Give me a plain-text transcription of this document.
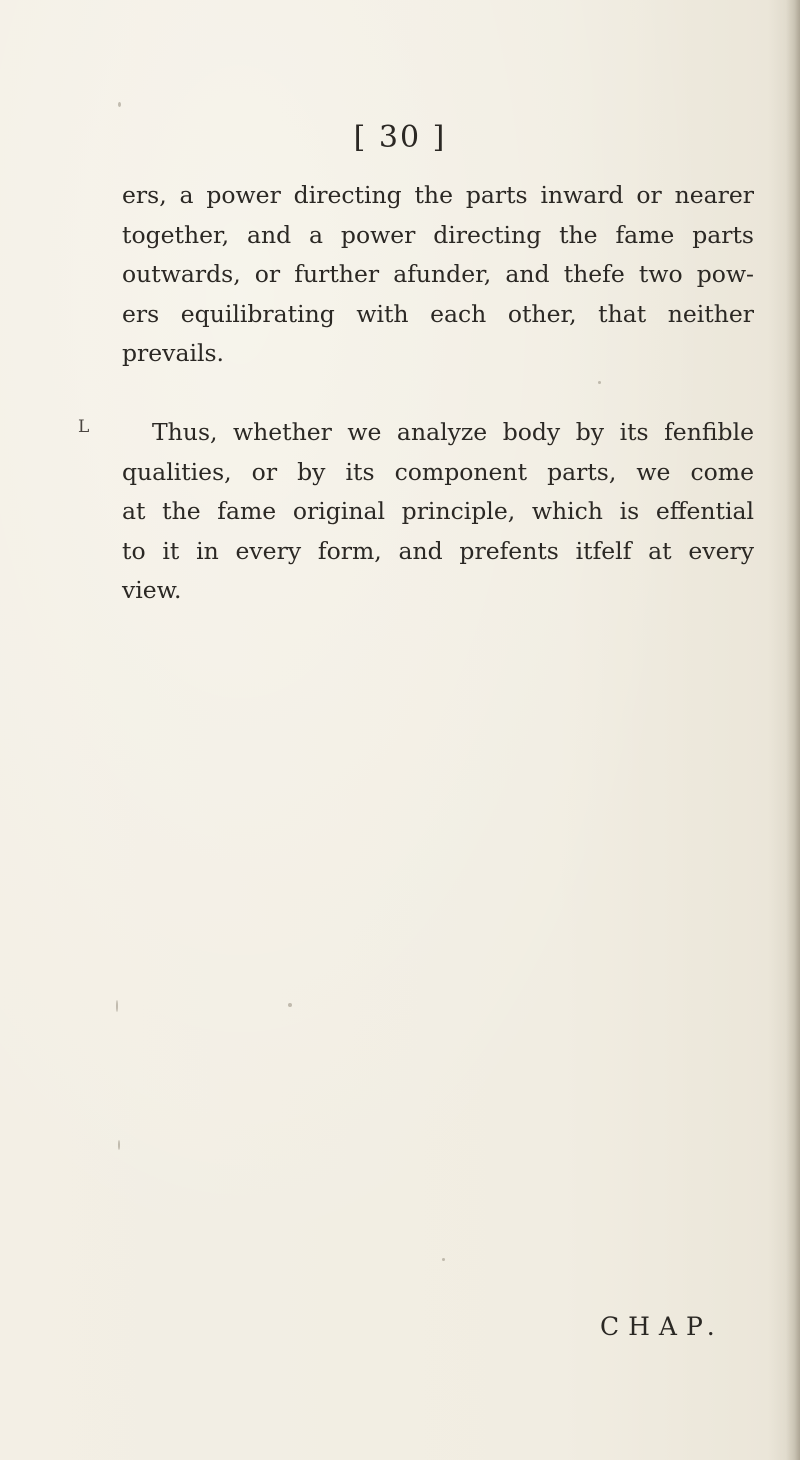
[ 30 ]
ers, a power directing the parts inward or nearer
together, and a power directing the fame parts
outwards, or further afunder, and thefe two pow-
ers equilibrating with each other, that neither
prevails.
L	Thus, whether we analyze body by its fenfible
qualities, or by its component parts, we come
at the fame original principle, which is effential
to it in every form, and prefents itfelf at every
view.
CHAP.
